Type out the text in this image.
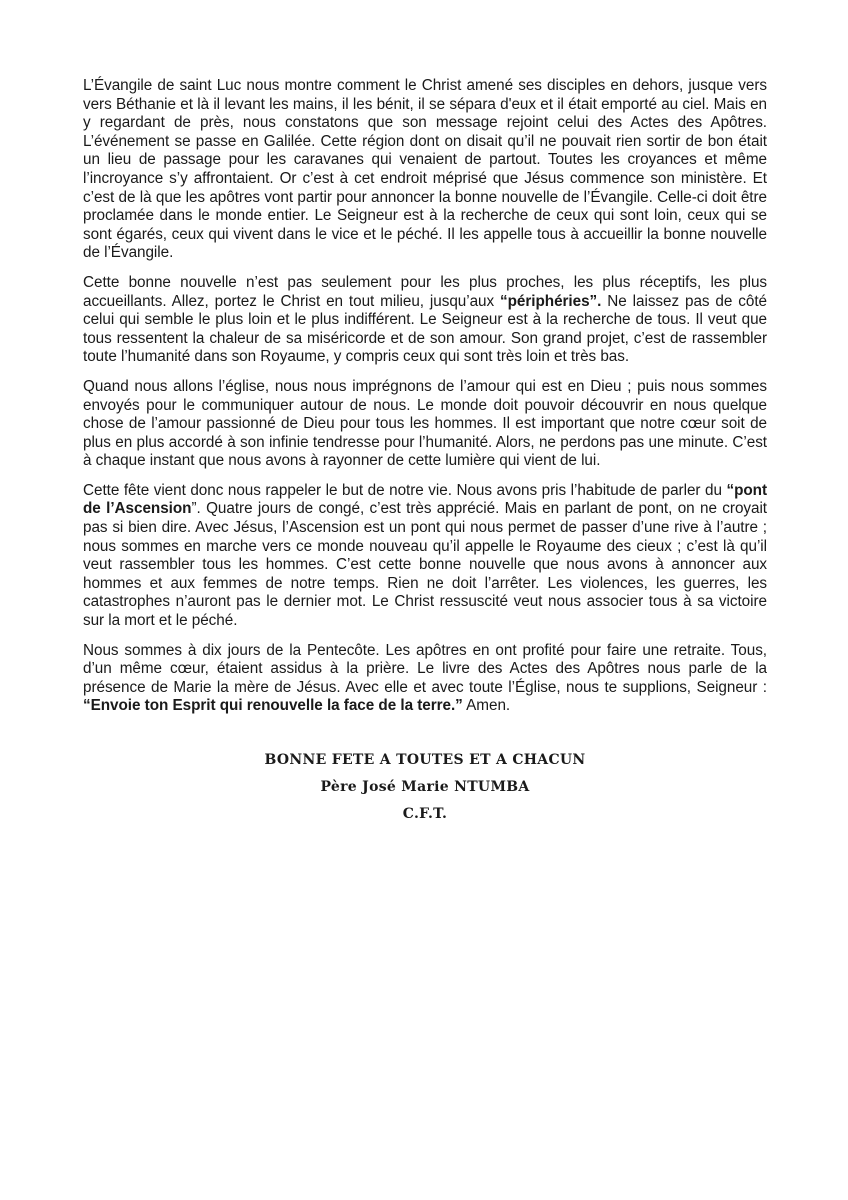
L’Évangile de saint Luc nous montre comment le Christ amené ses disciples en dehors, jusque vers vers Béthanie et là il levant les mains, il les bénit, il se sépara d'eux et il était emporté au ciel. Mais en y regardant de près, nous constatons que son message rejoint celui des Actes des Apôtres. L’événement se passe en Galilée. Cette région dont on disait qu’il ne pouvait rien sortir de bon était un lieu de passage pour les caravanes qui venaient de partout. Toutes les croyances et même l’incroyance s’y affrontaient. Or c’est à cet endroit méprisé que Jésus commence son ministère. Et c’est de là que les apôtres vont partir pour annoncer la bonne nouvelle de l’Évangile. Celle-ci doit être proclamée dans le monde entier. Le Seigneur est à la recherche de ceux qui sont loin, ceux qui se sont égarés, ceux qui vivent dans le vice et le péché. Il les appelle tous à accueillir la bonne nouvelle de l’Évangile.

Cette bonne nouvelle n’est pas seulement pour les plus proches, les plus réceptifs, les plus accueillants. Allez, portez le Christ en tout milieu, jusqu’aux “périphéries”. Ne laissez pas de côté celui qui semble le plus loin et le plus indifférent. Le Seigneur est à la recherche de tous. Il veut que tous ressentent la chaleur de sa miséricorde et de son amour. Son grand projet, c’est de rassembler toute l’humanité dans son Royaume, y compris ceux qui sont très loin et très bas.

Quand nous allons l’église, nous nous imprégnons de l’amour qui est en Dieu ; puis nous sommes envoyés pour le communiquer autour de nous. Le monde doit pouvoir découvrir en nous quelque chose de l’amour passionné de Dieu pour tous les hommes. Il est important que notre cœur soit de plus en plus accordé à son infinie tendresse pour l’humanité. Alors, ne perdons pas une minute. C’est à chaque instant que nous avons à rayonner de cette lumière qui vient de lui.

Cette fête vient donc nous rappeler le but de notre vie. Nous avons pris l’habitude de parler du “pont de l’Ascension”. Quatre jours de congé, c’est très apprécié. Mais en parlant de pont, on ne croyait pas si bien dire. Avec Jésus, l’Ascension est un pont qui nous permet de passer d’une rive à l’autre ; nous sommes en marche vers ce monde nouveau qu’il appelle le Royaume des cieux ; c’est là qu’il veut rassembler tous les hommes. C’est cette bonne nouvelle que nous avons à annoncer aux hommes et aux femmes de notre temps. Rien ne doit l’arrêter. Les violences, les guerres, les catastrophes n’auront pas le dernier mot. Le Christ ressuscité veut nous associer tous à sa victoire sur la mort et le péché.

Nous sommes à dix jours de la Pentecôte. Les apôtres en ont profité pour faire une retraite. Tous, d’un même cœur, étaient assidus à la prière. Le livre des Actes des Apôtres nous parle de la présence de Marie la mère de Jésus. Avec elle et avec toute l’Église, nous te supplions, Seigneur : “Envoie ton Esprit qui renouvelle la face de la terre.” Amen.

BONNE FETE A TOUTES ET A CHACUN
Père José Marie NTUMBA
C.F.T.
